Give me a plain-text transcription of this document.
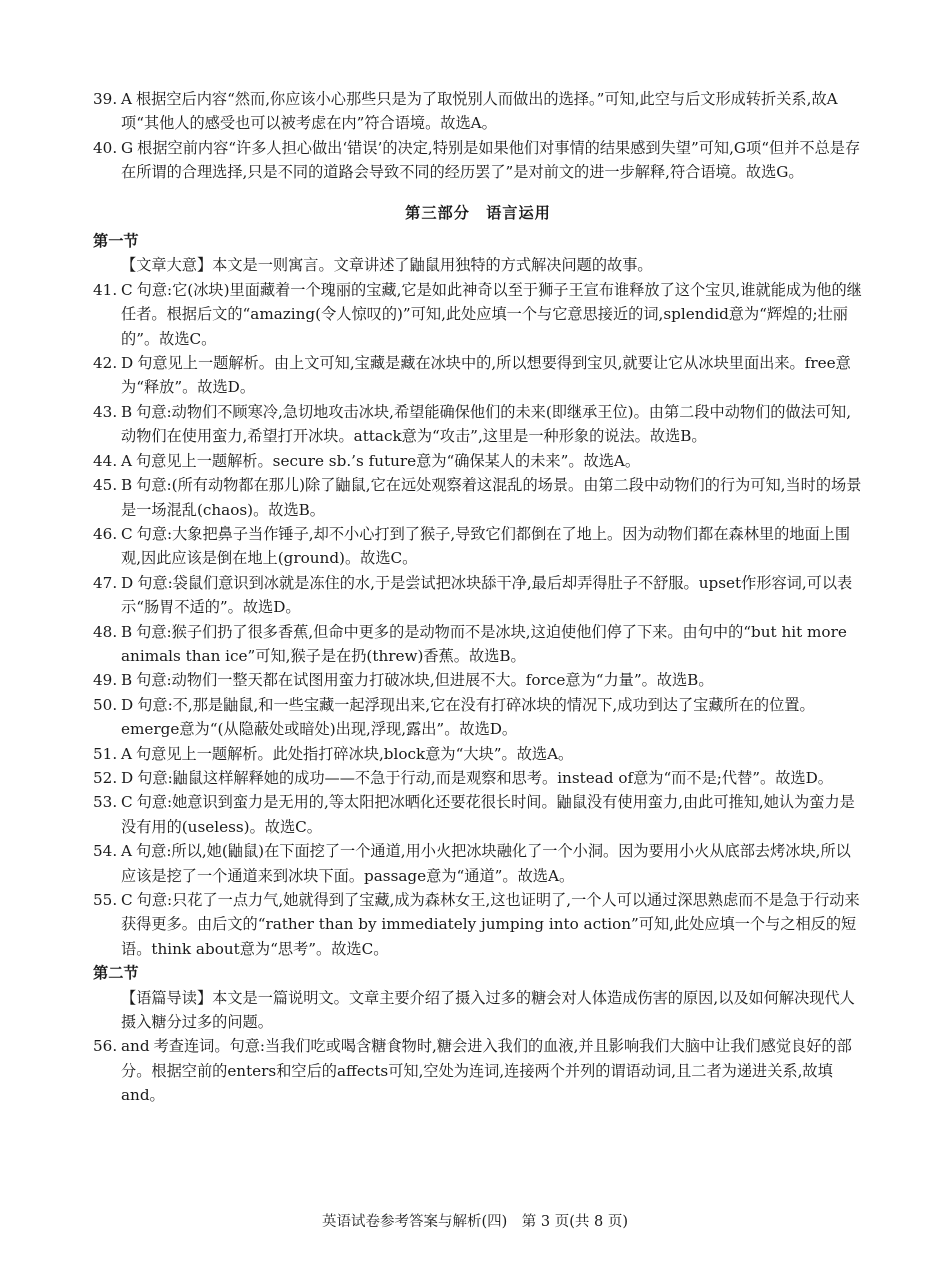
39. A 根据空后内容“然而,你应该小心那些只是为了取悦别人而做出的选择。”可知,此空与后文形成转折关系,故A项“其他人的感受也可以被考虑在内”符合语境。故选A。
40. G 根据空前内容“许多人担心做出‘错误’的决定,特别是如果他们对事情的结果感到失望”可知,G项“但并不总是存在所谓的合理选择,只是不同的道路会导致不同的经历罢了”是对前文的进一步解释,符合语境。故选G。
第三部分　语言运用
第一节
【文章大意】本文是一则寓言。文章讲述了鼬鼠用独特的方式解决问题的故事。
41. C 句意:它(冰块)里面藏着一个瑰丽的宝藏,它是如此神奇以至于狮子王宣布谁释放了这个宝贝,谁就能成为他的继任者。根据后文的“amazing(令人惊叹的)”可知,此处应填一个与它意思接近的词,splendid意为“辉煌的;壮丽的”。故选C。
42. D 句意见上一题解析。由上文可知,宝藏是藏在冰块中的,所以想要得到宝贝,就要让它从冰块里面出来。free意为“释放”。故选D。
43. B 句意:动物们不顾寒冷,急切地攻击冰块,希望能确保他们的未来(即继承王位)。由第二段中动物们的做法可知,动物们在使用蛮力,希望打开冰块。attack意为“攻击”,这里是一种形象的说法。故选B。
44. A 句意见上一题解析。secure sb.’s future意为“确保某人的未来”。故选A。
45. B 句意:(所有动物都在那儿)除了鼬鼠,它在远处观察着这混乱的场景。由第二段中动物们的行为可知,当时的场景是一场混乱(chaos)。故选B。
46. C 句意:大象把鼻子当作锤子,却不小心打到了猴子,导致它们都倒在了地上。因为动物们都在森林里的地面上围观,因此应该是倒在地上(ground)。故选C。
47. D 句意:袋鼠们意识到冰就是冻住的水,于是尝试把冰块舔干净,最后却弄得肚子不舒服。upset作形容词,可以表示“肠胃不适的”。故选D。
48. B 句意:猴子们扔了很多香蕉,但命中更多的是动物而不是冰块,这迫使他们停了下来。由句中的“but hit more animals than ice”可知,猴子是在扔(threw)香蕉。故选B。
49. B 句意:动物们一整天都在试图用蛮力打破冰块,但进展不大。force意为“力量”。故选B。
50. D 句意:不,那是鼬鼠,和一些宝藏一起浮现出来,它在没有打碎冰块的情况下,成功到达了宝藏所在的位置。emerge意为“(从隐蔽处或暗处)出现,浮现,露出”。故选D。
51. A 句意见上一题解析。此处指打碎冰块,block意为“大块”。故选A。
52. D 句意:鼬鼠这样解释她的成功——不急于行动,而是观察和思考。instead of意为“而不是;代替”。故选D。
53. C 句意:她意识到蛮力是无用的,等太阳把冰晒化还要花很长时间。鼬鼠没有使用蛮力,由此可推知,她认为蛮力是没有用的(useless)。故选C。
54. A 句意:所以,她(鼬鼠)在下面挖了一个通道,用小火把冰块融化了一个小洞。因为要用小火从底部去烤冰块,所以应该是挖了一个通道来到冰块下面。passage意为“通道”。故选A。
55. C 句意:只花了一点力气,她就得到了宝藏,成为森林女王,这也证明了,一个人可以通过深思熟虑而不是急于行动来获得更多。由后文的“rather than by immediately jumping into action”可知,此处应填一个与之相反的短语。think about意为“思考”。故选C。
第二节
【语篇导读】本文是一篇说明文。文章主要介绍了摄入过多的糖会对人体造成伤害的原因,以及如何解决现代人摄入糖分过多的问题。
56. and 考查连词。句意:当我们吃或喝含糖食物时,糖会进入我们的血液,并且影响我们大脑中让我们感觉良好的部分。根据空前的enters和空后的affects可知,空处为连词,连接两个并列的谓语动词,且二者为递进关系,故填and。
英语试卷参考答案与解析(四)　第 3 页(共 8 页)
